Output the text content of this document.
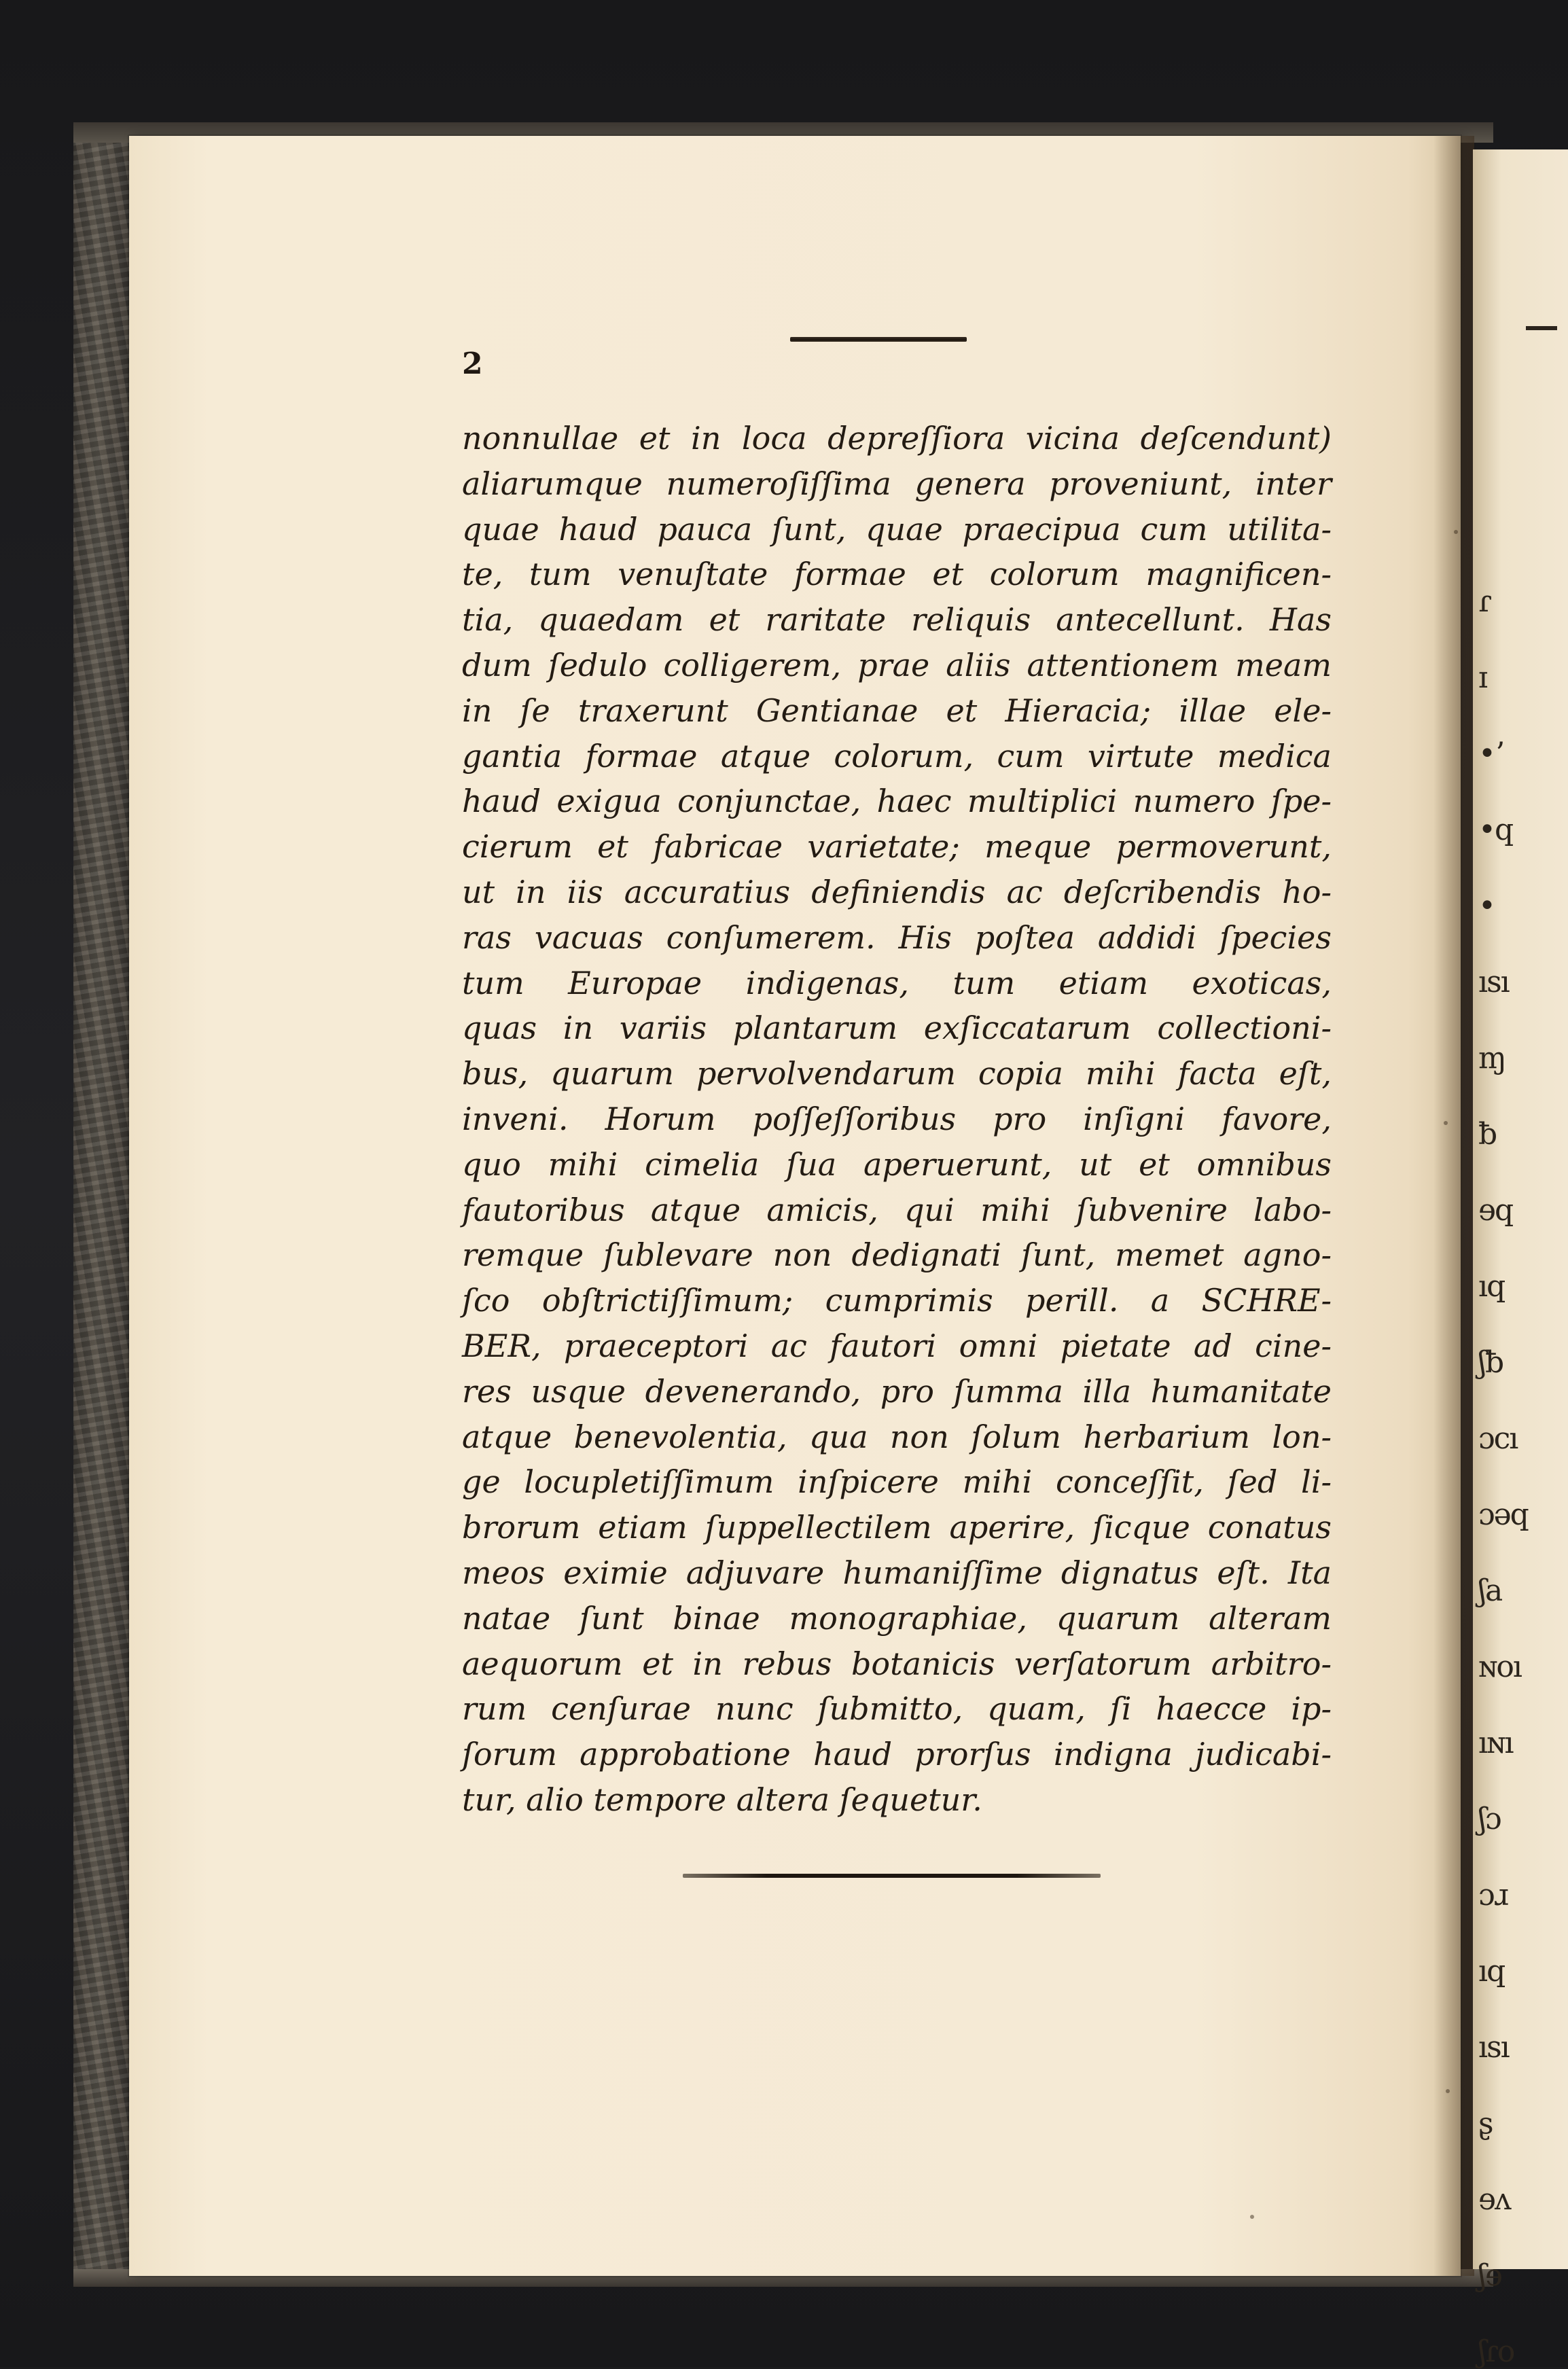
ɾ
ɪ
•ʼ
•q
•
ısı
ɱ
ƀ
ɘq
ıq
ʃƀ
ɔcı
ɔəq
ʃa
ɴoı
ıɴı
ʃɔ
ɔɹ
ıq
ısı
ʂ
ɘʌ
ʃɘ
ʃɾo

2

nonnullae et in loca depreſſiora vicina deſcendunt)
aliarumque numeroſiſſima genera proveniunt, inter
quae haud pauca ſunt, quae praecipua cum utilita-
te, tum venuſtate formae et colorum magnificen-
tia, quaedam et raritate reliquis antecellunt. Has
dum ſedulo colligerem, prae aliis attentionem meam
in ſe traxerunt Gentianae et Hieracia; illae ele-
gantia formae atque colorum, cum virtute medica
haud exigua conjunctae, haec multiplici numero ſpe-
cierum et fabricae varietate; meque permoverunt,
ut in iis accuratius definiendis ac deſcribendis ho-
ras vacuas conſumerem. His poſtea addidi ſpecies
tum Europae indigenas, tum etiam exoticas,
quas in variis plantarum exſiccatarum collectioni-
bus, quarum pervolvendarum copia mihi facta eſt,
inveni. Horum poſſeſſoribus pro inſigni favore,
quo mihi cimelia ſua aperuerunt, ut et omnibus
fautoribus atque amicis, qui mihi ſubvenire labo-
remque ſublevare non dedignati ſunt, memet agno-
ſco obſtrictiſſimum; cumprimis perill. a SCHRE-
BER, praeceptori ac fautori omni pietate ad cine-
res usque devenerando, pro ſumma illa humanitate
atque benevolentia, qua non ſolum herbarium lon-
ge locupletiſſimum inſpicere mihi conceſſit, ſed li-
brorum etiam ſuppellectilem aperire, ſicque conatus
meos eximie adjuvare humaniſſime dignatus eſt. Ita
natae ſunt binae monographiae, quarum alteram
aequorum et in rebus botanicis verſatorum arbitro-
rum cenſurae nunc ſubmitto, quam, ſi haecce ip-
ſorum approbatione haud prorſus indigna judicabi-
tur, alio tempore altera ſequetur.
